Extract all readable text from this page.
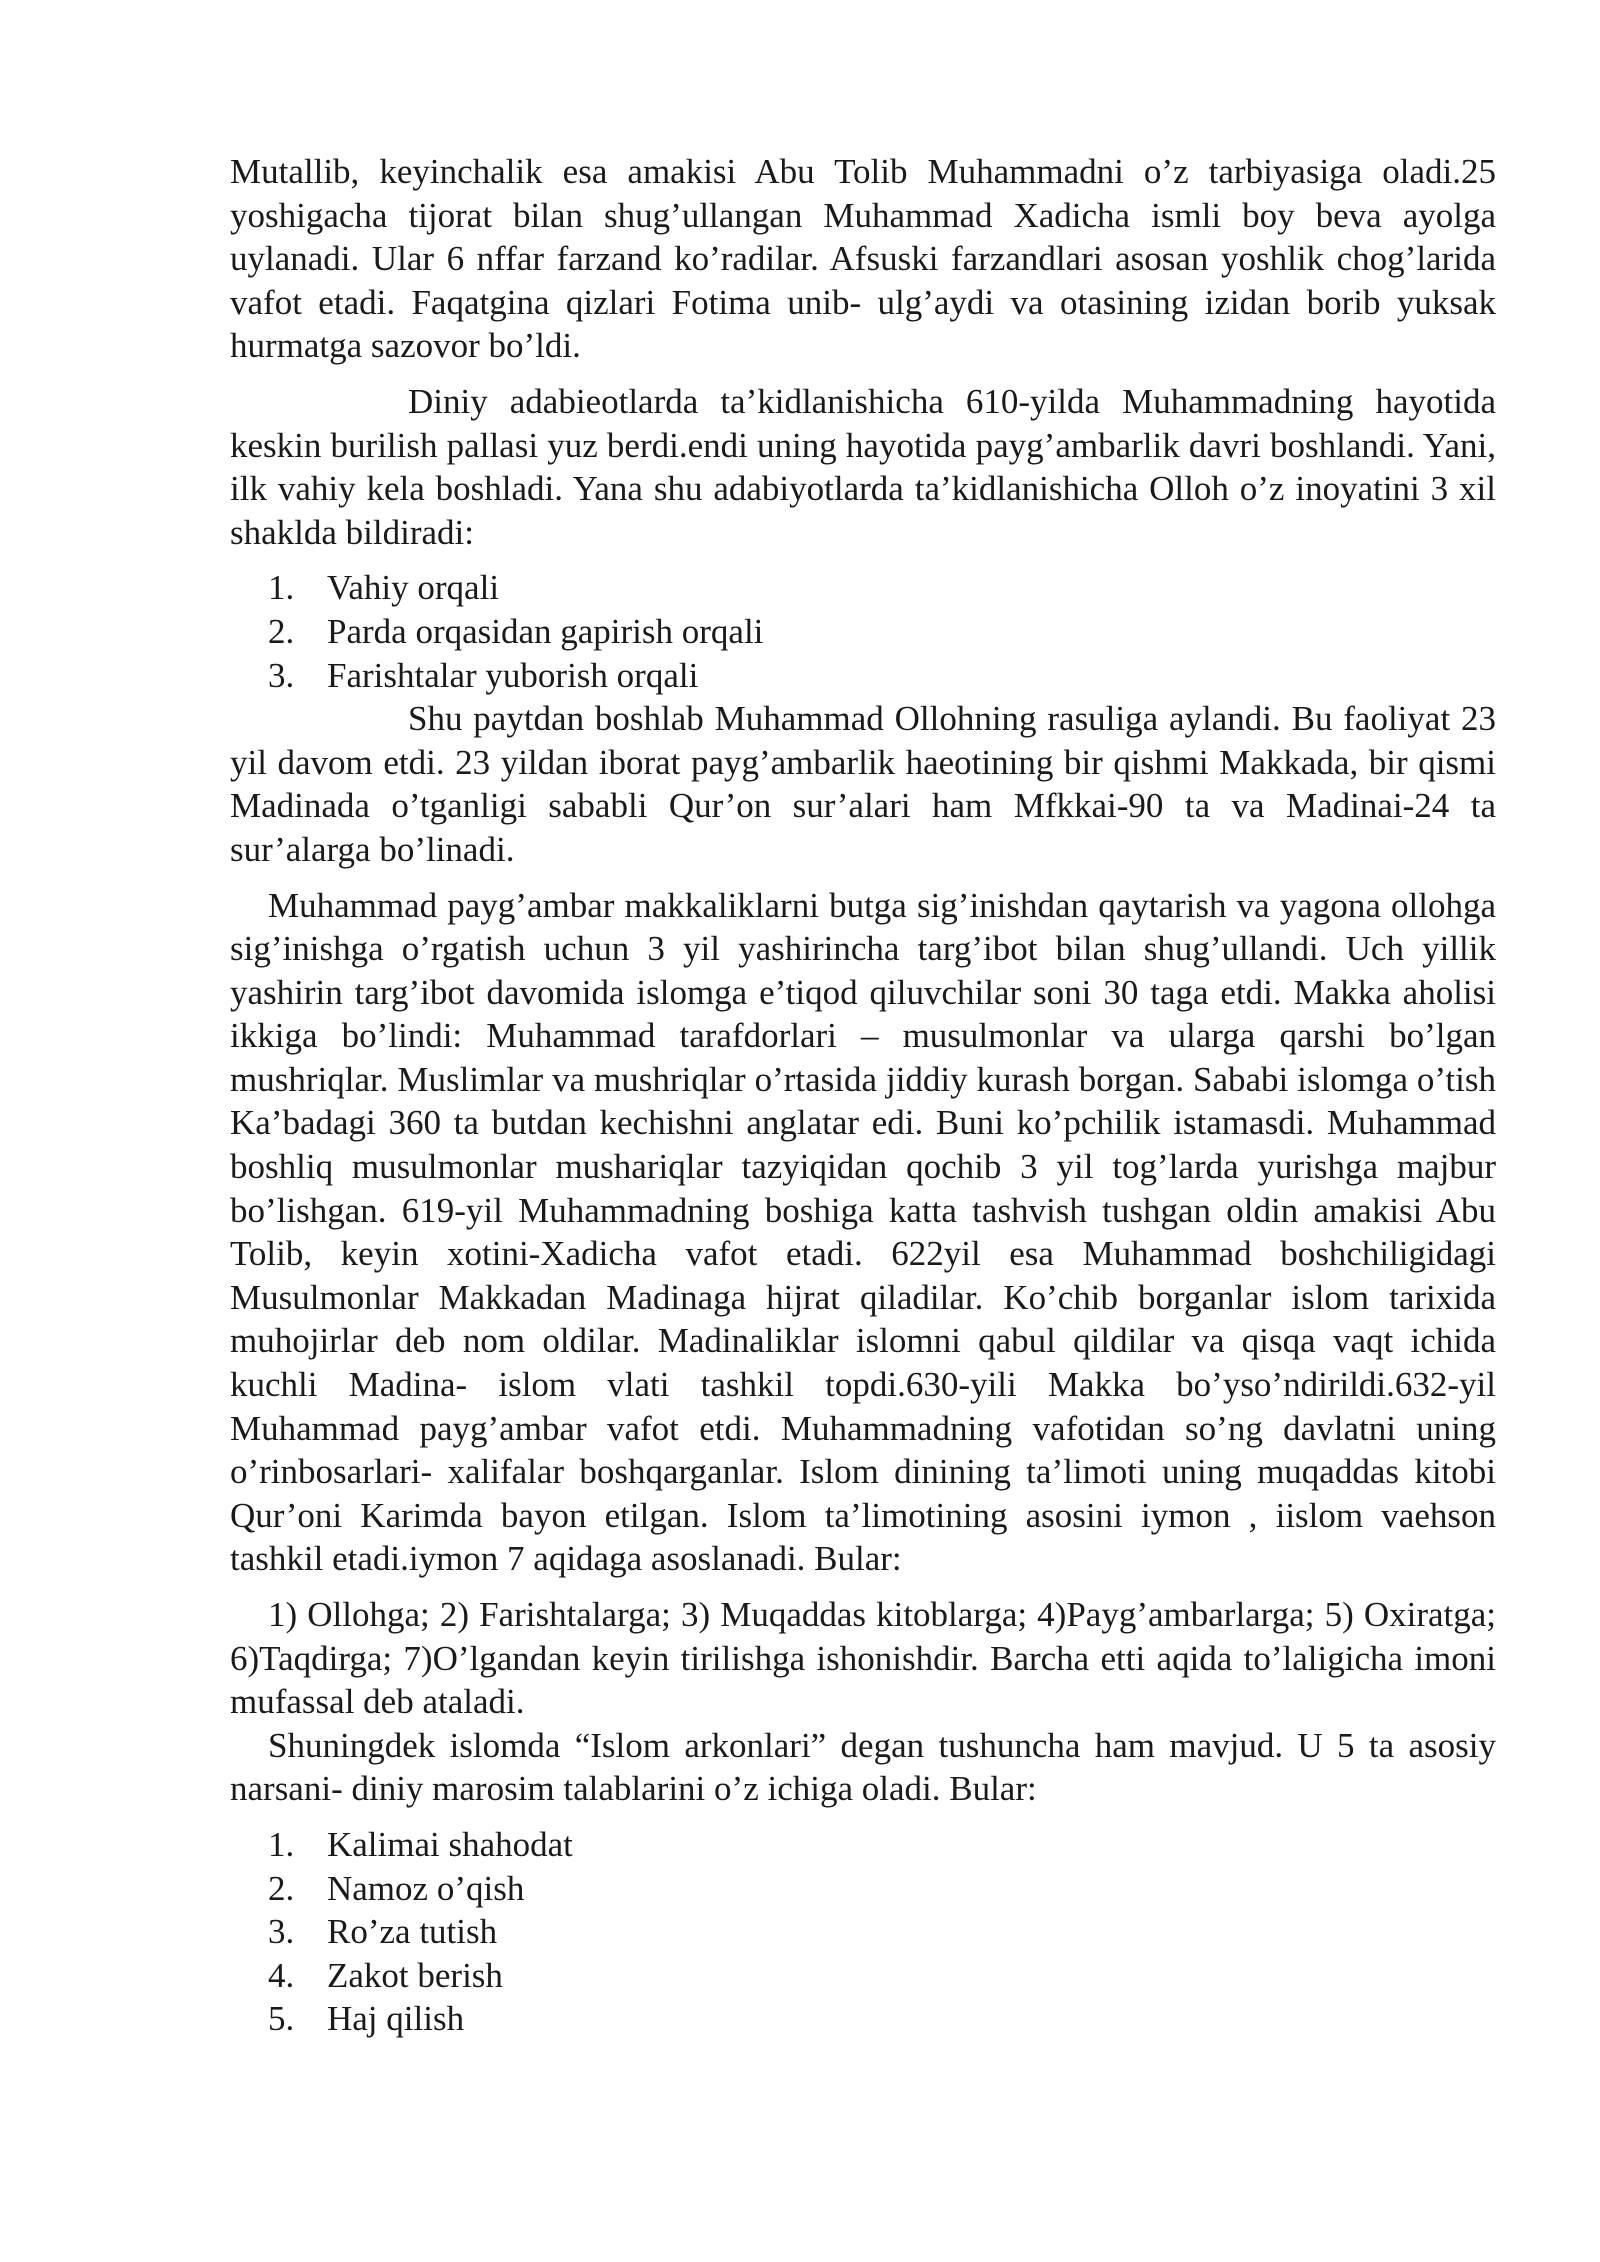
Mutallib, keyinchalik esa amakisi Abu Tolib Muhammadni o’z tarbiyasiga oladi.25 yoshigacha tijorat bilan shug’ullangan Muhammad Xadicha ismli boy beva ayolga uylanadi. Ular 6 nffar farzand ko’radilar. Afsuski farzandlari asosan yoshlik chog’larida vafot etadi. Faqatgina qizlari Fotima unib- ulg’aydi va otasining izidan borib yuksak hurmatga sazovor bo’ldi.

Diniy adabieotlarda ta’kidlanishicha 610-yilda Muhammadning hayotida keskin burilish pallasi yuz berdi.endi uning hayotida payg’ambarlik davri boshlandi. Yani, ilk vahiy kela boshladi. Yana shu adabiyotlarda ta’kidlanishicha Olloh o’z inoyatini 3 xil shakldа bildiradi:

1. Vahiy orqali
2. Parda orqasidan gapirish orqali
3. Farishtalar yuborish orqali

Shu paytdan boshlab Muhammad Ollohning rasuliga aylandi. Bu faoliyat 23 yil davom etdi. 23 yildan iborat payg’ambarlik haeotining bir qishmi Makkada, bir qismi Madinada o’tganligi sababli Qur’on sur’alari ham Mfkkai-90 ta va Madinai-24 ta sur’alarga bo’linadi.

Muhammad payg’ambar makkaliklarni butga sig’inishdan qaytarish va yagona ollohga sig’inishga o’rgatish uchun 3 yil yashirincha targ’ibot bilan shug’ullandi. Uch yillik yashirin targ’ibot davomida islomga e’tiqod qiluvchilar soni 30 taga etdi. Makka aholisi ikkiga bo’lindi: Muhammad tarafdorlari – musulmonlar va ularga qarshi bo’lgan mushriqlar. Muslimlar va mushriqlar o’rtasida jiddiy kurash borgan. Sababi islomga o’tish Ka’badagi 360 ta butdan kechishni anglatar edi. Buni ko’pchilik istamasdi. Muhammad boshliq musulmonlar mushariqlar tazyiqidan qochib 3 yil tog’larda yurishga majbur bo’lishgan. 619-yil Muhammadning boshiga katta tashvish tushgan oldin amakisi Abu Tolib, keyin xotini-Xadicha vafot etadi. 622yil esa Muhammad boshchiligidagi Musulmonlar Makkadan Madinaga hijrat qiladilar. Ko’chib borganlar islom tarixida muhojirlar deb nom oldilar. Madinaliklar islomni qabul qildilar va qisqa vaqt ichida kuchli Madina- islom vlati tashkil topdi.630-yili Makka bo’yso’ndirildi.632-yil Muhammad payg’ambar vafot etdi. Muhammadning vafotidan so’ng davlatni uning o’rinbosarlari- xalifalar boshqarganlar. Islom dinining ta’limoti uning muqaddas kitobi Qur’oni Karimda bayon etilgan. Islom ta’limotining asosini iymon , iislom vaehson tashkil etadi.iymon 7 aqidaga asoslanadi. Bular:

1) Ollohga; 2) Farishtalarga; 3) Muqaddas kitoblarga; 4)Payg’ambarlarga; 5) Oxiratga; 6)Taqdirga; 7)O’lgandan keyin tirilishga ishonishdir. Barcha etti aqida to’laligicha imoni mufassal deb ataladi.

Shuningdek islomda “Islom arkonlari” degan tushuncha ham mavjud. U 5 ta asosiy narsani- diniy marosim talablarini o’z ichiga oladi. Bular:

1. Kalimai shahodat
2. Namoz o’qish
3. Ro’za tutish
4. Zakot berish
5. Haj qilish
